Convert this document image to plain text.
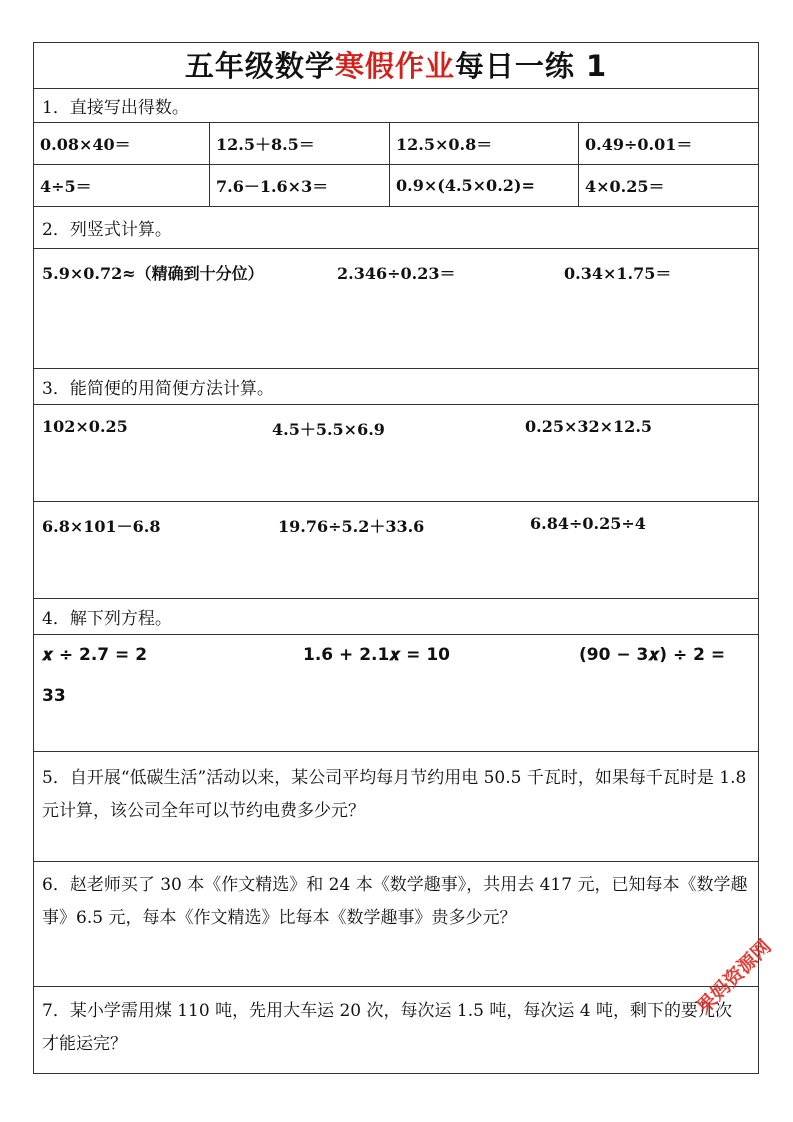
五年级数学寒假作业每日一练 1
1．直接写出得数。
0.08×40＝	12.5＋8.5＝	12.5×0.8＝	0.49÷0.01＝
4÷5＝	7.6－1.6×3＝	0.9×(4.5×0.2)=	4×0.25＝
2．列竖式计算。
5.9×0.72≈（精确到十分位）	2.346÷0.23＝	0.34×1.75＝
3．能简便的用简便方法计算。
102×0.25	4.5＋5.5×6.9	0.25×32×12.5
6.8×101－6.8	19.76÷5.2＋33.6	6.84÷0.25÷4
4．解下列方程。
𝒙 ÷ 2.7 = 2	1.6 + 2.1𝒙 = 10	(90 − 3𝒙) ÷ 2 =
33
5．自开展“低碳生活”活动以来，某公司平均每月节约用电 50.5 千瓦时，如果每千瓦时是 1.8 元计算，该公司全年可以节约电费多少元？
6．赵老师买了 30 本《作文精选》和 24 本《数学趣事》，共用去 417 元，已知每本《数学趣事》6.5 元，每本《作文精选》比每本《数学趣事》贵多少元？
7．某小学需用煤 110 吨，先用大车运 20 次，每次运 1.5 吨，每次运 4 吨，剩下的要几次才能运完？
果妈资源网
